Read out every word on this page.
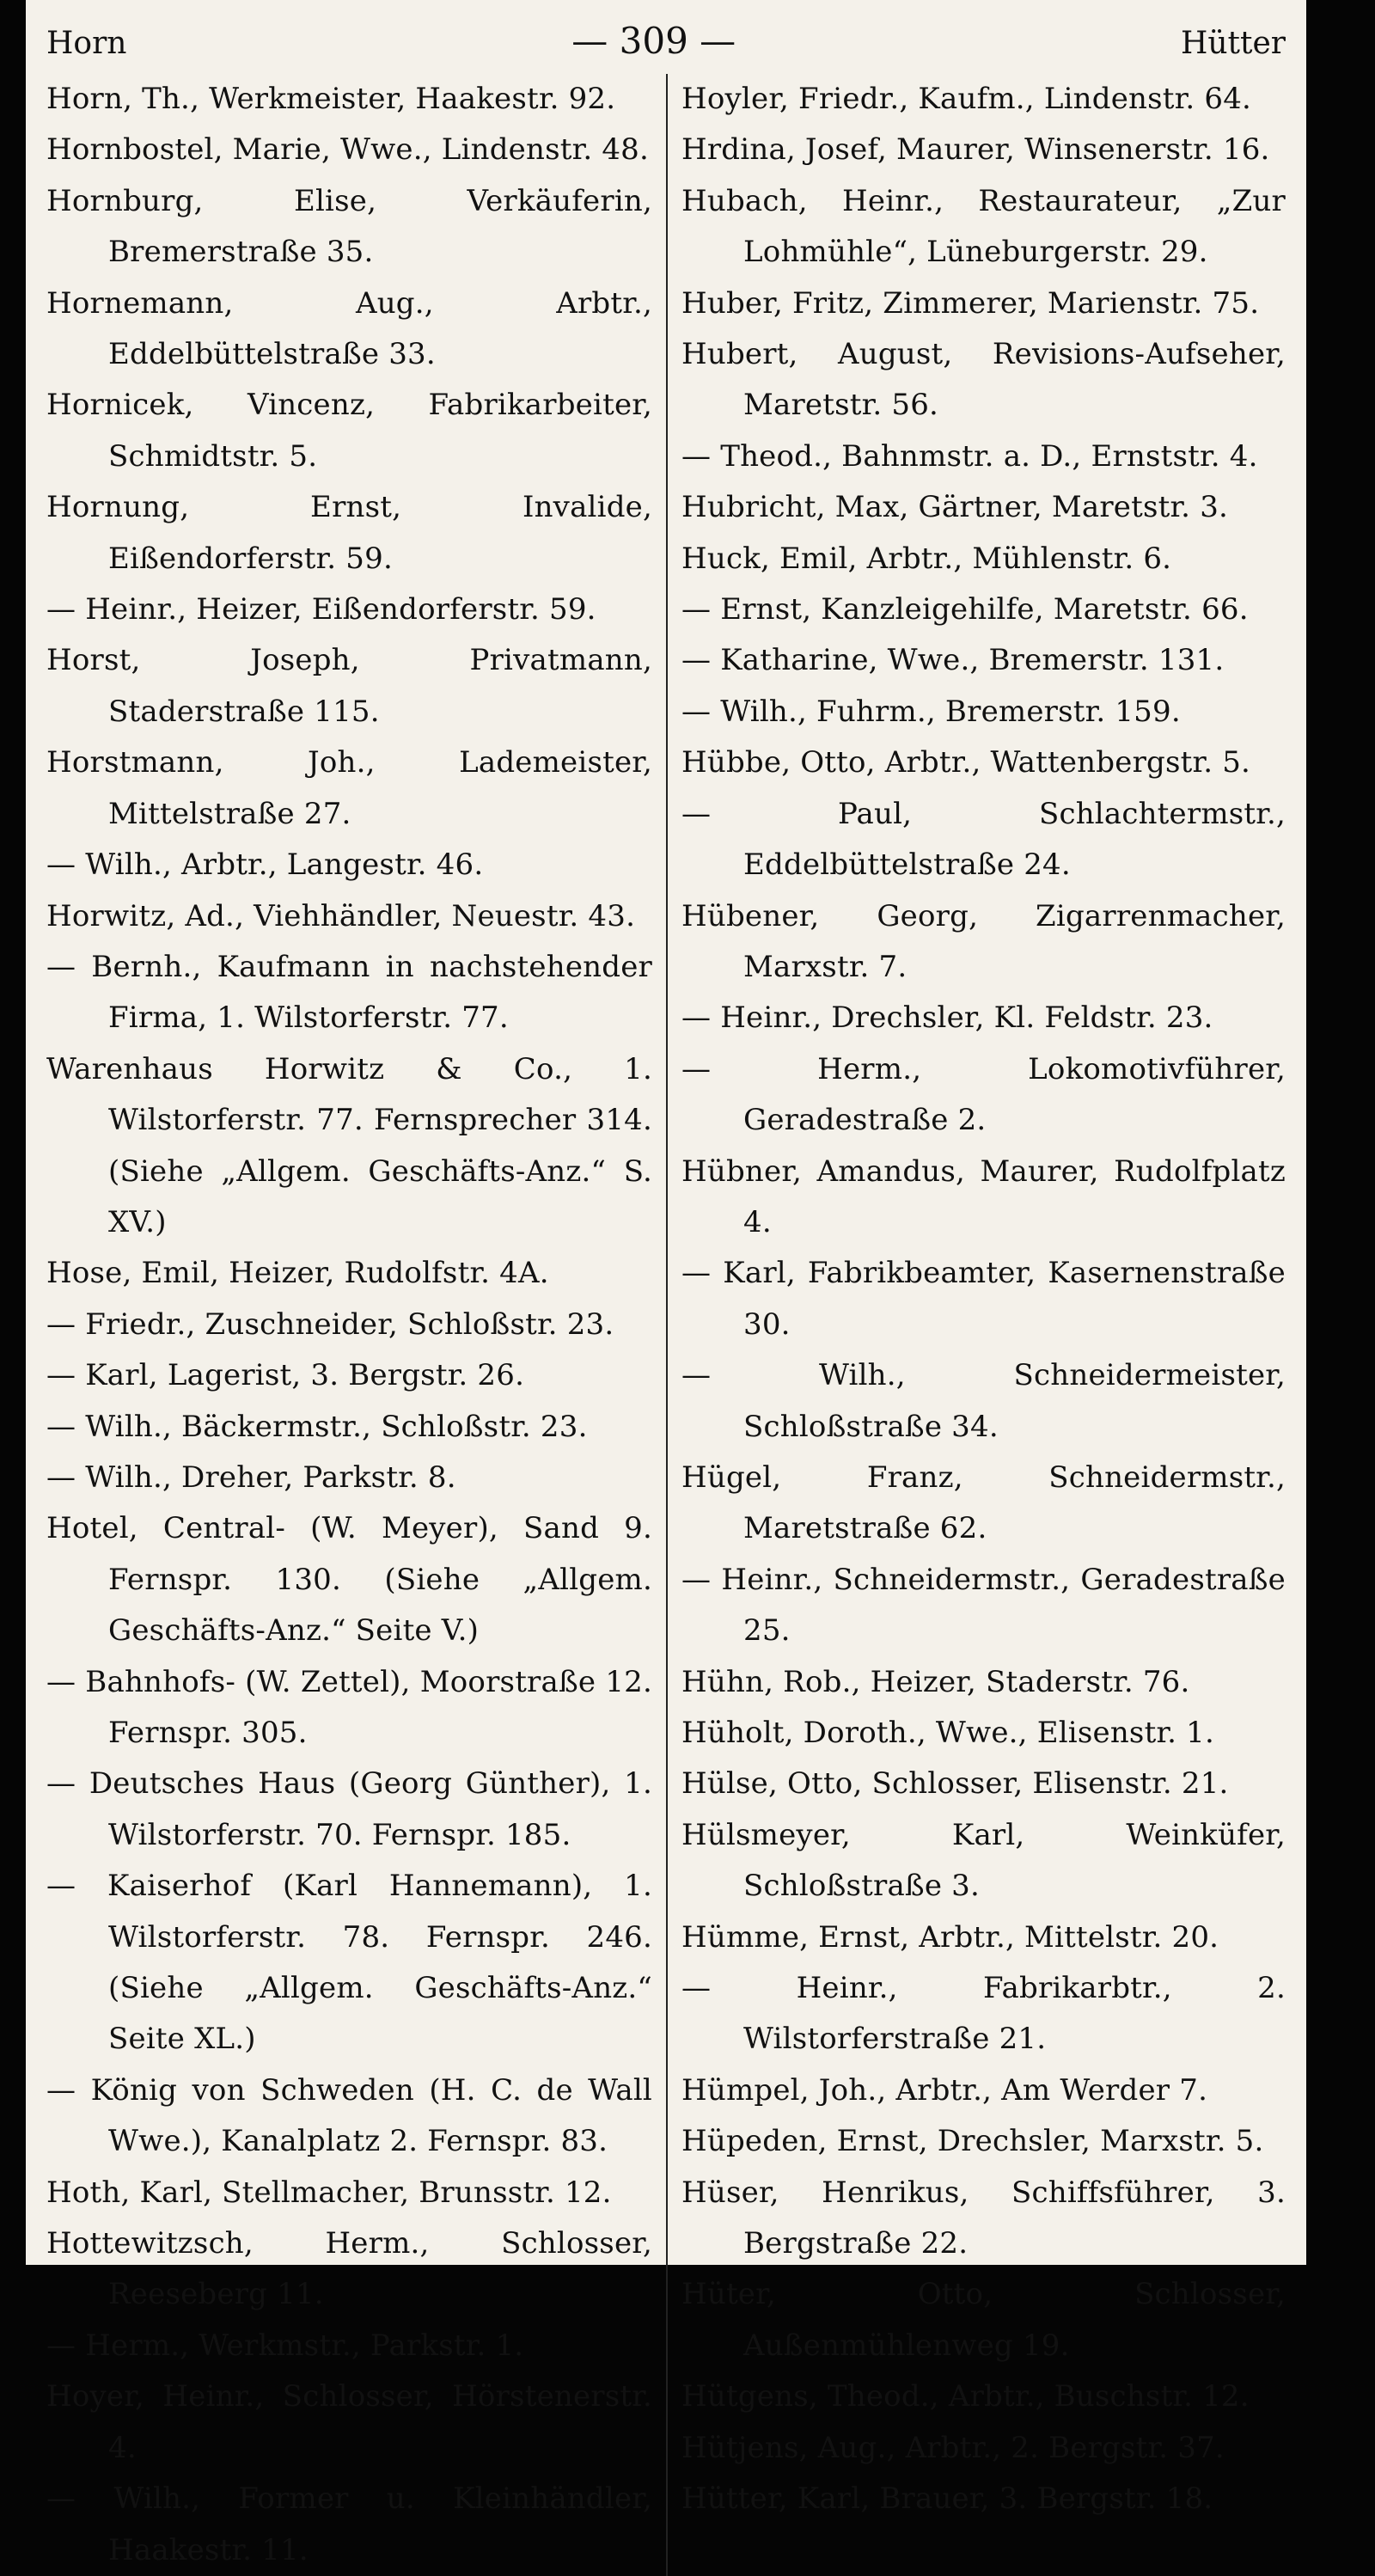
Horn	— 309 —	Hütter
Horn, Th., Werkmeister, Haakestr. 92.
Hornbostel, Marie, Wwe., Lindenstr. 48.
Hornburg, Elise, Verkäuferin, Bremerstraße 35.
Hornemann, Aug., Arbtr., Eddelbüttelstraße 33.
Hornicek, Vincenz, Fabrikarbeiter, Schmidtstr. 5.
Hornung, Ernst, Invalide, Eißendorferstr. 59.
— Heinr., Heizer, Eißendorferstr. 59.
Horst, Joseph, Privatmann, Staderstraße 115.
Horstmann, Joh., Lademeister, Mittelstraße 27.
— Wilh., Arbtr., Langestr. 46.
Horwitz, Ad., Viehhändler, Neuestr. 43.
— Bernh., Kaufmann in nachstehender Firma, 1. Wilstorferstr. 77.
Warenhaus Horwitz & Co., 1. Wilstorferstr. 77. Fernsprecher 314. (Siehe „Allgem. Geschäfts-Anz.“ S. XV.)
Hose, Emil, Heizer, Rudolfstr. 4A.
— Friedr., Zuschneider, Schloßstr. 23.
— Karl, Lagerist, 3. Bergstr. 26.
— Wilh., Bäckermstr., Schloßstr. 23.
— Wilh., Dreher, Parkstr. 8.
Hotel, Central- (W. Meyer), Sand 9. Fernspr. 130. (Siehe „Allgem. Geschäfts-Anz.“ Seite V.)
— Bahnhofs- (W. Zettel), Moorstraße 12. Fernspr. 305.
— Deutsches Haus (Georg Günther), 1. Wilstorferstr. 70. Fernspr. 185.
— Kaiserhof (Karl Hannemann), 1. Wilstorferstr. 78. Fernspr. 246. (Siehe „Allgem. Geschäfts-Anz.“ Seite XL.)
— König von Schweden (H. C. de Wall Wwe.), Kanalplatz 2. Fernspr. 83.
Hoth, Karl, Stellmacher, Brunsstr. 12.
Hottewitzsch, Herm., Schlosser, Reeseberg 11.
— Herm., Werkmstr., Parkstr. 1.
Hoyer, Heinr., Schlosser, Hörstenerstr. 4.
— Wilh., Former u. Kleinhändler, Haakestr. 11.
Hoyler, Friedr., Kaufm., Lindenstr. 64.
Hrdina, Josef, Maurer, Winsenerstr. 16.
Hubach, Heinr., Restaurateur, „Zur Lohmühle“, Lüneburgerstr. 29.
Huber, Fritz, Zimmerer, Marienstr. 75.
Hubert, August, Revisions-Aufseher, Maretstr. 56.
— Theod., Bahnmstr. a. D., Ernststr. 4.
Hubricht, Max, Gärtner, Maretstr. 3.
Huck, Emil, Arbtr., Mühlenstr. 6.
— Ernst, Kanzleigehilfe, Maretstr. 66.
— Katharine, Wwe., Bremerstr. 131.
— Wilh., Fuhrm., Bremerstr. 159.
Hübbe, Otto, Arbtr., Wattenbergstr. 5.
— Paul, Schlachtermstr., Eddelbüttelstraße 24.
Hübener, Georg, Zigarrenmacher, Marxstr. 7.
— Heinr., Drechsler, Kl. Feldstr. 23.
— Herm., Lokomotivführer, Geradestraße 2.
Hübner, Amandus, Maurer, Rudolfplatz 4.
— Karl, Fabrikbeamter, Kasernenstraße 30.
— Wilh., Schneidermeister, Schloßstraße 34.
Hügel, Franz, Schneidermstr., Maretstraße 62.
— Heinr., Schneidermstr., Geradestraße 25.
Hühn, Rob., Heizer, Staderstr. 76.
Hüholt, Doroth., Wwe., Elisenstr. 1.
Hülse, Otto, Schlosser, Elisenstr. 21.
Hülsmeyer, Karl, Weinküfer, Schloßstraße 3.
Hümme, Ernst, Arbtr., Mittelstr. 20.
— Heinr., Fabrikarbtr., 2. Wilstorferstraße 21.
Hümpel, Joh., Arbtr., Am Werder 7.
Hüpeden, Ernst, Drechsler, Marxstr. 5.
Hüser, Henrikus, Schiffsführer, 3. Bergstraße 22.
Hüter, Otto, Schlosser, Außenmühlenweg 19.
Hütgens, Theod., Arbtr., Buschstr. 12.
Hütjens, Aug., Arbtr., 2. Bergstr. 37.
Hütter, Karl, Brauer, 3. Bergstr. 18.
